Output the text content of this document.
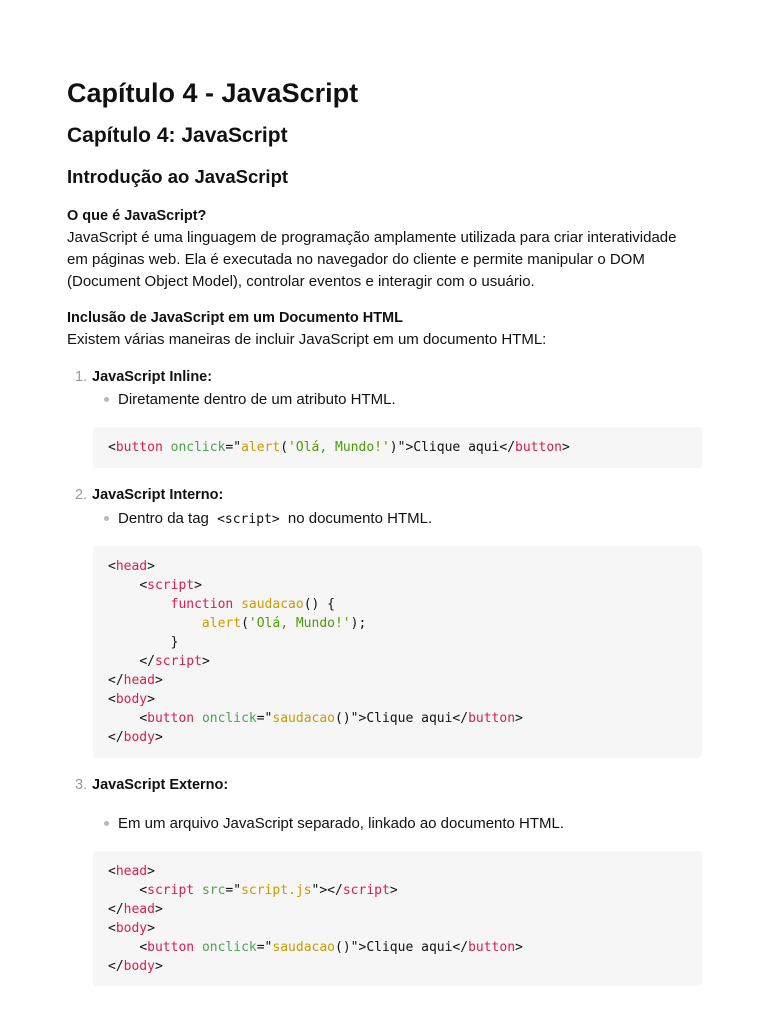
Capítulo 4 - JavaScript
Capítulo 4: JavaScript
Introdução ao JavaScript
O que é JavaScript?
JavaScript é uma linguagem de programação amplamente utilizada para criar interatividade
em páginas web. Ela é executada no navegador do cliente e permite manipular o DOM
(Document Object Model), controlar eventos e interagir com o usuário.
Inclusão de JavaScript em um Documento HTML
Existem várias maneiras de incluir JavaScript em um documento HTML:
1. JavaScript Inline:
Diretamente dentro de um atributo HTML.
<button onclick="alert('Olá, Mundo!')">Clique aqui</button>
2. JavaScript Interno:
Dentro da tag <script> no documento HTML.
<head>
<script>
function saudacao() {
alert('Olá, Mundo!');
}
</script>
</head>
<body>
<button onclick="saudacao()">Clique aqui</button>
</body>
3. JavaScript Externo:
Em um arquivo JavaScript separado, linkado ao documento HTML.
<head>
<script src="script.js"></script>
</head>
<body>
<button onclick="saudacao()">Clique aqui</button>
</body>
